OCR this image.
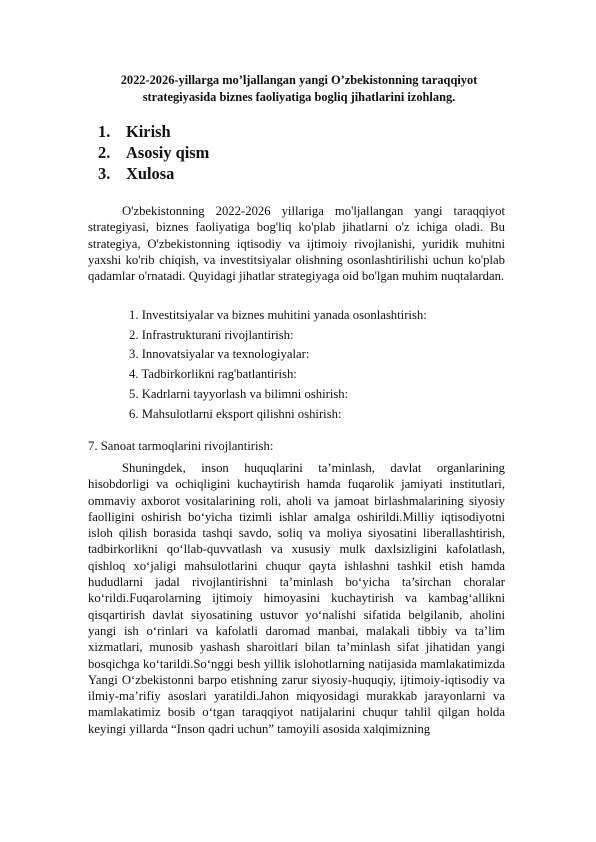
2022-2026-yillarga mo’ljallangan yangi O’zbekistonning taraqqiyot strategiyasida biznes faoliyatiga bogliq jihatlarini izohlang.
1. Kirish
2. Asosiy qism
3. Xulosa

O'zbekistonning 2022-2026 yillariga mo'ljallangan yangi taraqqiyot strategiyasi, biznes faoliyatiga bog'liq ko'plab jihatlarni o'z ichiga oladi. Bu strategiya, O'zbekistonning iqtisodiy va ijtimoiy rivojlanishi, yuridik muhitni yaxshi ko'rib chiqish, va investitsiyalar olishning osonlashtirilishi uchun ko'plab qadamlar o'rnatadi. Quyidagi jihatlar strategiyaga oid bo'lgan muhim nuqtalardan.

1. Investitsiyalar va biznes muhitini yanada osonlashtirish:
2. Infrastrukturani rivojlantirish:
3. Innovatsiyalar va texnologiyalar:
4. Tadbirkorlikni rag'batlantirish:
5. Kadrlarni tayyorlash va bilimni oshirish:
6. Mahsulotlarni eksport qilishni oshirish:
7. Sanoat tarmoqlarini rivojlantirish:

Shuningdek, inson huquqlarini ta’minlash, davlat organlarining hisobdorligi va ochiqligini kuchaytirish hamda fuqarolik jamiyati institutlari, ommaviy axborot vositalarining roli, aholi va jamoat birlashmalarining siyosiy faolligini oshirish bo‘yicha tizimli ishlar amalga oshirildi.Milliy iqtisodiyotni isloh qilish borasida tashqi savdo, soliq va moliya siyosatini liberallashtirish, tadbirkorlikni qo‘llab-quvvatlash va xususiy mulk daxlsizligini kafolatlash, qishloq xo‘jaligi mahsulotlarini chuqur qayta ishlashni tashkil etish hamda hududlarni jadal rivojlantirishni ta’minlash bo‘yicha ta’sirchan choralar ko‘rildi.Fuqarolarning ijtimoiy himoyasini kuchaytirish va kambag‘allikni qisqartirish davlat siyosatining ustuvor yo‘nalishi sifatida belgilanib, aholini yangi ish o‘rinlari va kafolatli daromad manbai, malakali tibbiy va ta’lim xizmatlari, munosib yashash sharoitlari bilan ta’minlash sifat jihatidan yangi bosqichga ko‘tarildi.So‘nggi besh yillik islohotlarning natijasida mamlakatimizda Yangi O‘zbekistonni barpo etishning zarur siyosiy-huquqiy, ijtimoiy-iqtisodiy va ilmiy-ma’rifiy asoslari yaratildi.Jahon miqyosidagi murakkab jarayonlarni va mamlakatimiz bosib o‘tgan taraqqiyot natijalarini chuqur tahlil qilgan holda keyingi yillarda “Inson qadri uchun” tamoyili asosida xalqimizning
